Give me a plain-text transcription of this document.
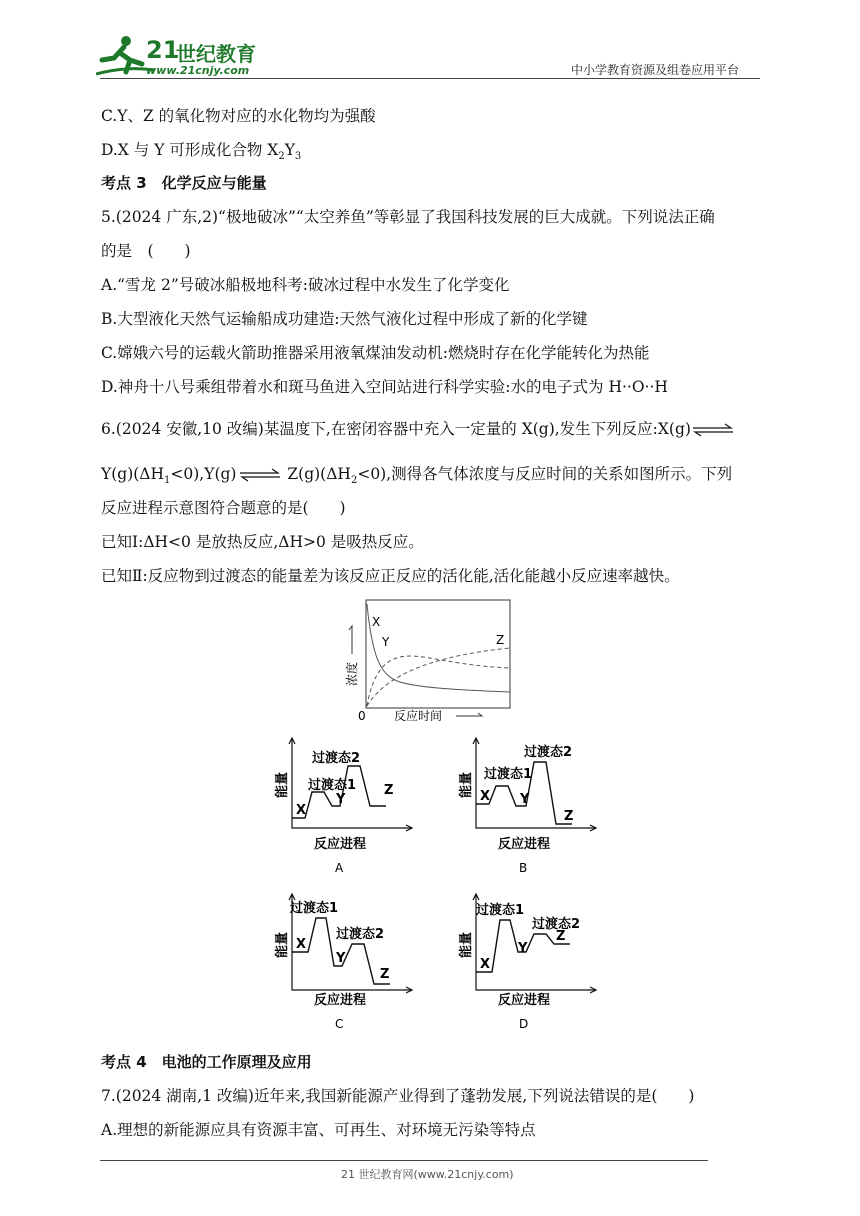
21
世纪教育
www.21cnjy.com	中小学教育资源及组卷应用平台
C.Y、Z 的氧化物对应的水化物均为强酸
D.X 与 Y 可形成化合物 $X_2Y_3$
考点 3　化学反应与能量
5.(2024 广东,2)“极地破冰”“太空养鱼”等彰显了我国科技发展的巨大成就。下列说法正确
的是　(　　)
A.“雪龙 2”号破冰船极地科考:破冰过程中水发生了化学变化
B.大型液化天然气运输船成功建造:天然气液化过程中形成了新的化学键
C.嫦娥六号的运载火箭助推器采用液氧煤油发动机:燃烧时存在化学能转化为热能
D.神舟十八号乘组带着水和斑马鱼进入空间站进行科学实验:水的电子式为 H··O··H
6.(2024 安徽,10 改编)某温度下,在密闭容器中充入一定量的 X(g),发生下列反应:X(g)⇌
$Y(g)(\Delta H_1<0),Y(g)$ ⇌ $Z(g)(\Delta H_2<0)$,测得各气体浓度与反应时间的关系如图所示。下列
反应进程示意图符合题意的是(　　)
已知Ⅰ:ΔH<0 是放热反应,ΔH>0 是吸热反应。
已知Ⅱ:反应物到过渡态的能量差为该反应正反应的活化能,活化能越小反应速率越快。
X
Y	Z
0 反应时间
浓度
X
过渡态1
Y
过渡态2
Z
反应进程
能量
A
X
过渡态1
Y
过渡态2
Z
反应进程
能量
B
X
过渡态1
Y
过渡态2
Z
反应进程
能量
C
X
过渡态1
Y
过渡态2
Z
反应进程
能量
D
考点 4　电池的工作原理及应用
7.(2024 湖南,1 改编)近年来,我国新能源产业得到了蓬勃发展,下列说法错误的是(　　)
A.理想的新能源应具有资源丰富、可再生、对环境无污染等特点
21 世纪教育网(www.21cnjy.com)
